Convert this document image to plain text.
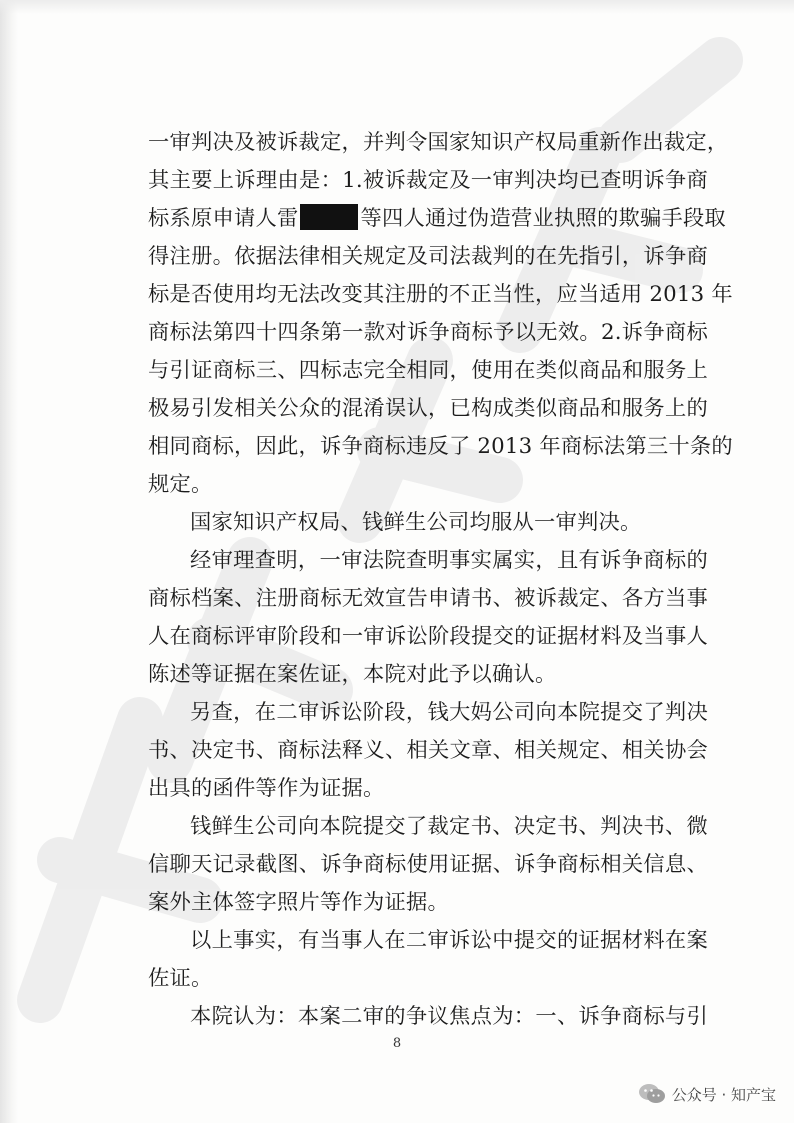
一审判决及被诉裁定，并判令国家知识产权局重新作出裁定，
其主要上诉理由是：1.被诉裁定及一审判决均已查明诉争商
标系原申请人雷	等四人通过伪造营业执照的欺骗手段取
得注册。依据法律相关规定及司法裁判的在先指引，诉争商
标是否使用均无法改变其注册的不正当性，应当适用 2013 年
商标法第四十四条第一款对诉争商标予以无效。2.诉争商标
与引证商标三、四标志完全相同，使用在类似商品和服务上
极易引发相关公众的混淆误认，已构成类似商品和服务上的
相同商标，因此，诉争商标违反了 2013 年商标法第三十条的
规定。
国家知识产权局、钱鲜生公司均服从一审判决。
经审理查明，一审法院查明事实属实，且有诉争商标的
商标档案、注册商标无效宣告申请书、被诉裁定、各方当事
人在商标评审阶段和一审诉讼阶段提交的证据材料及当事人
陈述等证据在案佐证，本院对此予以确认。
另查，在二审诉讼阶段，钱大妈公司向本院提交了判决
书、决定书、商标法释义、相关文章、相关规定、相关协会
出具的函件等作为证据。
钱鲜生公司向本院提交了裁定书、决定书、判决书、微
信聊天记录截图、诉争商标使用证据、诉争商标相关信息、
案外主体签字照片等作为证据。
以上事实，有当事人在二审诉讼中提交的证据材料在案
佐证。
本院认为：本案二审的争议焦点为：一、诉争商标与引
8
公众号 · 知产宝
